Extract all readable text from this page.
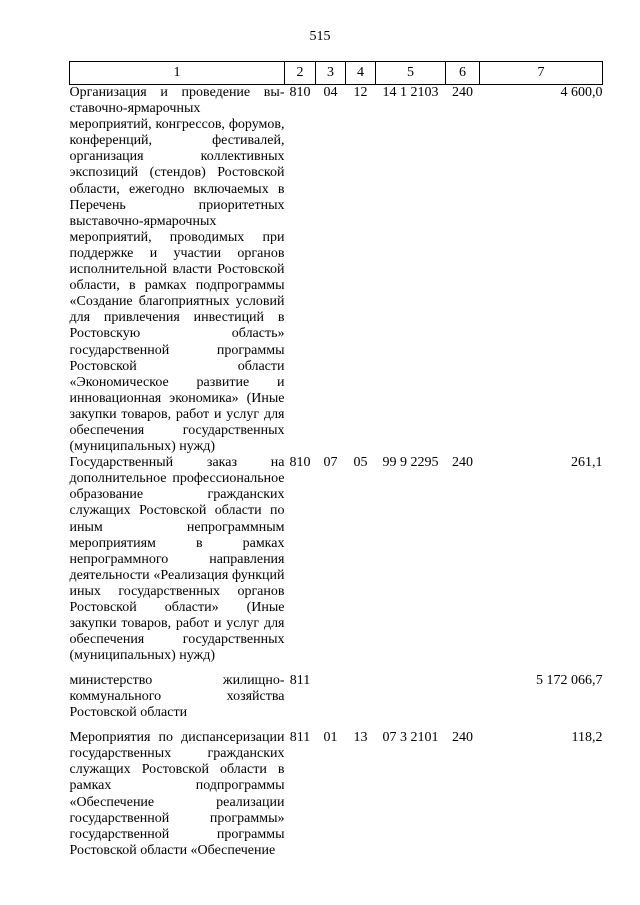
515
1	2	3	4	5	6	7
Организация и проведение выставочно-ярмарочных мероприятий, конгрессов, форумов, конференций, фестивалей, организация коллективных экспозиций (стендов) Ростовской области, ежегодно включаемых в Перечень приоритетных выставочно-ярмарочных мероприятий, проводимых при поддержке и участии органов исполнительной власти Ростовской области, в рамках подпрограммы «Создание благоприятных условий для привлечения инвестиций в Ростовскую область» государственной программы Ростовской области «Экономическое развитие и инновационная экономика» (Иные закупки товаров, работ и услуг для обеспечения государственных (муниципальных) нужд)	810	04	12	14 1 2103	240	4 600,0
Государственный заказ на дополнительное профессиональное образование гражданских служащих Ростовской области по иным непрограммным мероприятиям в рамках непрограммного направления деятельности «Реализация функций иных государственных органов Ростовской области» (Иные закупки товаров, работ и услуг для обеспечения государственных (муниципальных) нужд)	810	07	05	99 9 2295	240	261,1
министерство жилищно-коммунального хозяйства Ростовской области	811					5 172 066,7
Мероприятия по диспансеризации государственных гражданских служащих Ростовской области в рамках подпрограммы «Обеспечение реализации государственной программы» государственной программы Ростовской области «Обеспечение	811	01	13	07 3 2101	240	118,2
